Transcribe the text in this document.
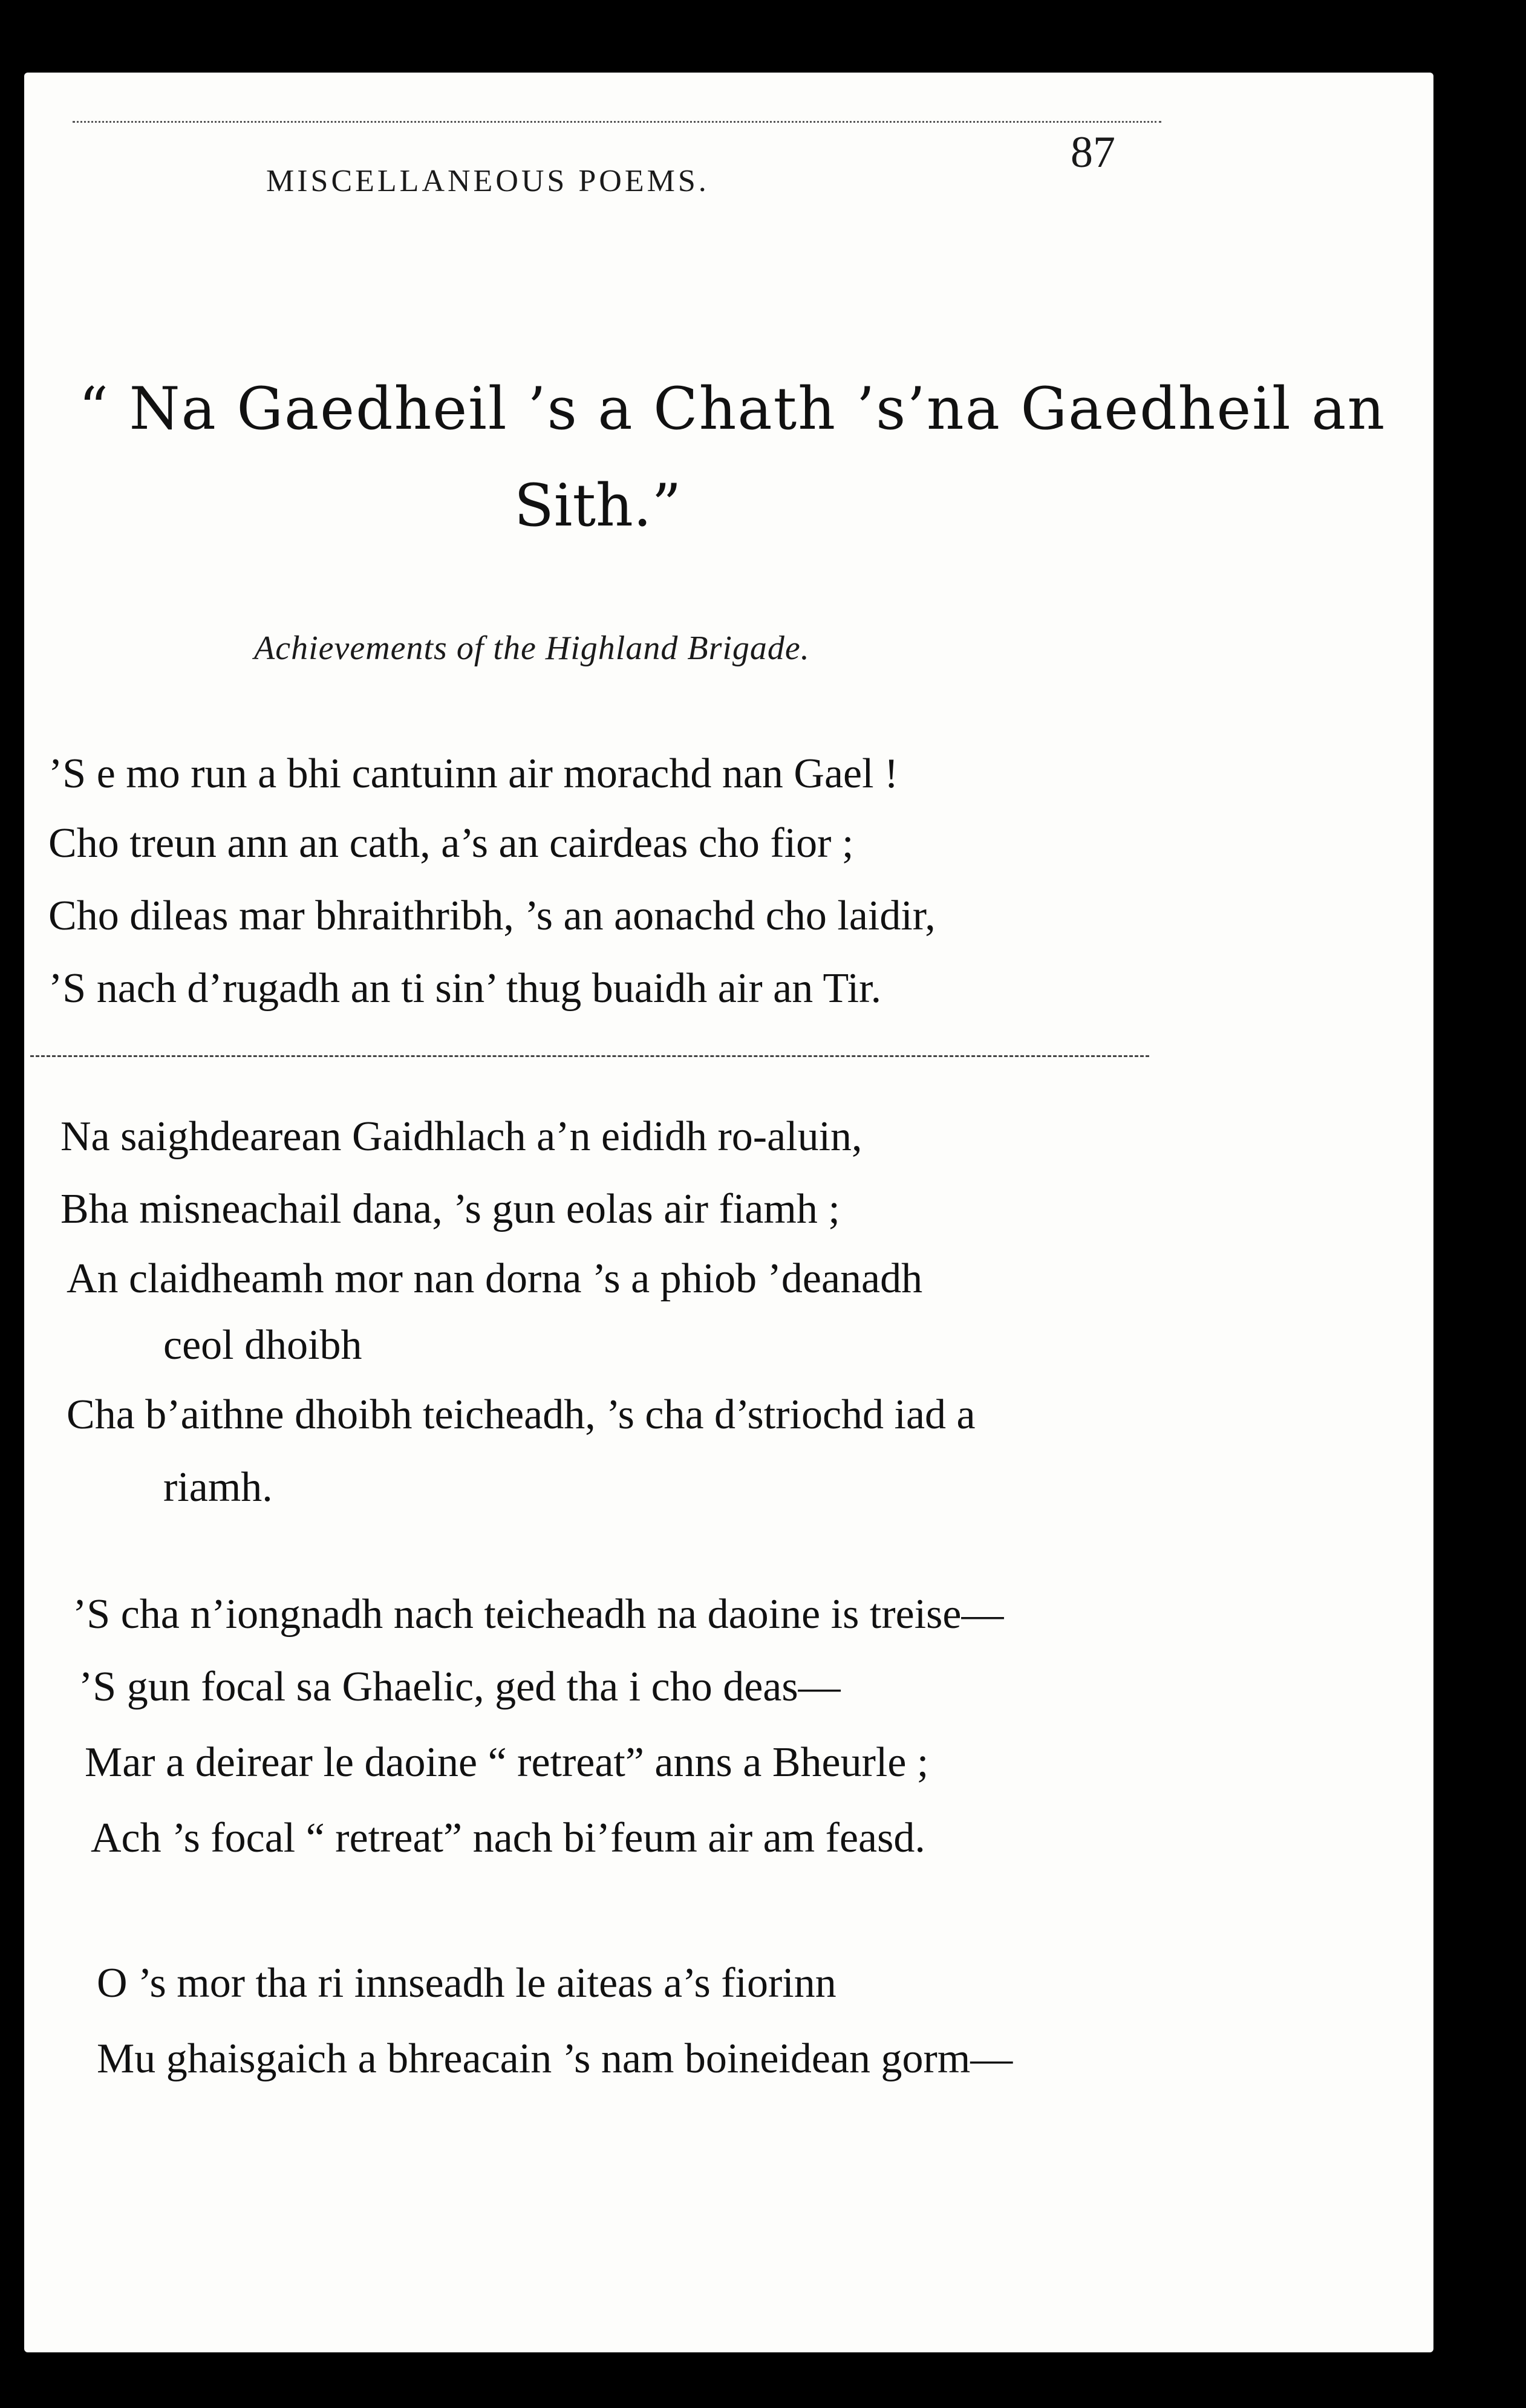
MISCELLANEOUS POEMS.
87
“ Na Gaedheil ’s a Chath ’s’na Gaedheil an
Sith.”
Achievements of the Highland Brigade.
’S e mo run a bhi cantuinn air morachd nan Gael !
Cho treun ann an cath, a’s an cairdeas cho fior ;
Cho dileas mar bhraithribh, ’s an aonachd cho laidir,
’S nach d’rugadh an ti sin’ thug buaidh air an Tir.
Na saighdearean Gaidhlach a’n eididh ro-aluin,
Bha misneachail dana, ’s gun eolas air fiamh ;
An claidheamh mor nan dorna ’s a phiob ’deanadh
ceol dhoibh
Cha b’aithne dhoibh teicheadh, ’s cha d’striochd iad a
riamh.
’S cha n’iongnadh nach teicheadh na daoine is treise—
’S gun focal sa Ghaelic, ged tha i cho deas—
Mar a deirear le daoine “ retreat” anns a Bheurle ;
Ach ’s focal “ retreat” nach bi’feum air am feasd.
O ’s mor tha ri innseadh le aiteas a’s fiorinn
Mu ghaisgaich a bhreacain ’s nam boineidean gorm—
